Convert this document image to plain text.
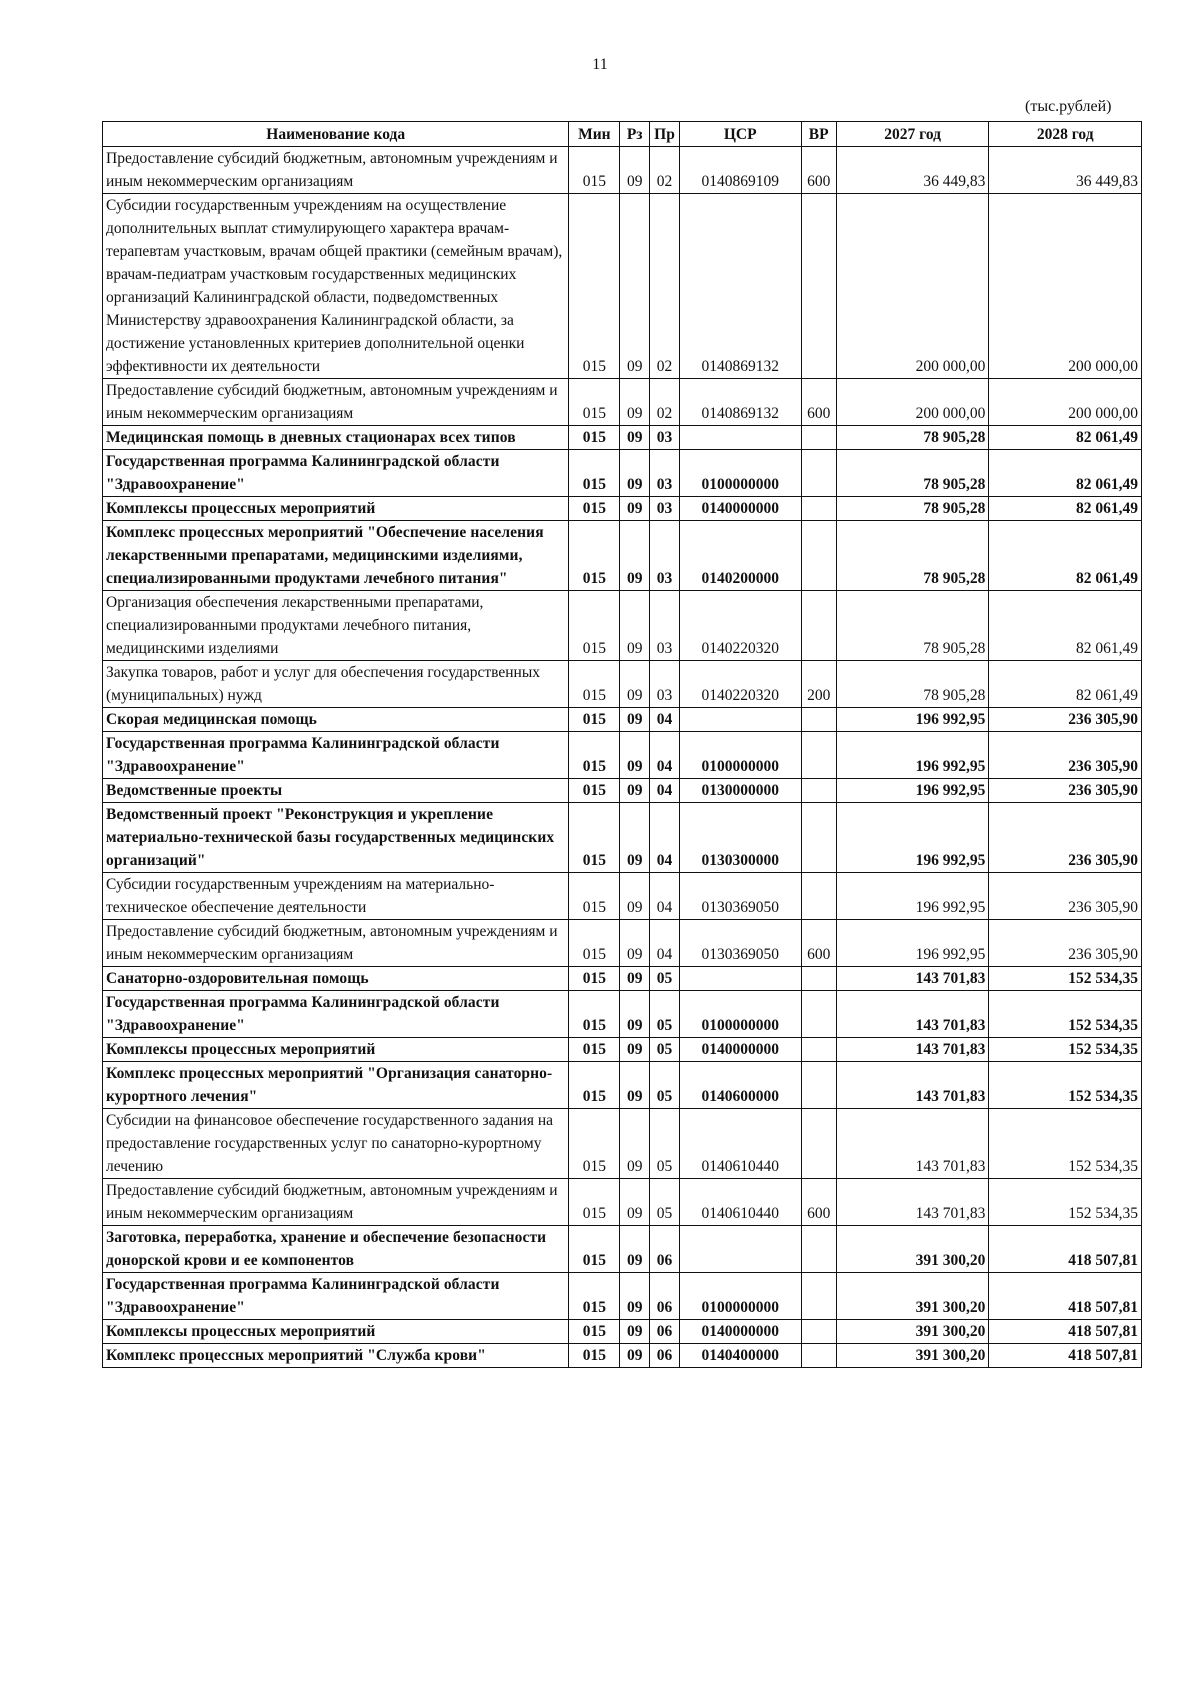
11
(тыс.рублей)
Наименование кода	Мин	Рз	Пр	ЦСР	ВР	2027 год	2028 год
Предоставление субсидий бюджетным, автономным учреждениям и иным некоммерческим организациям	015	09	02	0140869109	600	36 449,83	36 449,83
Субсидии государственным учреждениям на осуществление дополнительных выплат стимулирующего характера врачам-терапевтам участковым, врачам общей практики (семейным врачам), врачам-педиатрам участковым государственных медицинских организаций Калининградской области, подведомственных Министерству здравоохранения Калининградской области, за достижение установленных критериев дополнительной оценки эффективности их деятельности	015	09	02	0140869132		200 000,00	200 000,00
Предоставление субсидий бюджетным, автономным учреждениям и иным некоммерческим организациям	015	09	02	0140869132	600	200 000,00	200 000,00
Медицинская помощь в дневных стационарах всех типов	015	09	03			78 905,28	82 061,49
Государственная программа Калининградской области "Здравоохранение"	015	09	03	0100000000		78 905,28	82 061,49
Комплексы процессных мероприятий	015	09	03	0140000000		78 905,28	82 061,49
Комплекс процессных мероприятий "Обеспечение населения лекарственными препаратами, медицинскими изделиями, специализированными продуктами лечебного питания"	015	09	03	0140200000		78 905,28	82 061,49
Организация обеспечения лекарственными препаратами, специализированными продуктами лечебного питания, медицинскими изделиями	015	09	03	0140220320		78 905,28	82 061,49
Закупка товаров, работ и услуг для обеспечения государственных (муниципальных) нужд	015	09	03	0140220320	200	78 905,28	82 061,49
Скорая медицинская помощь	015	09	04			196 992,95	236 305,90
Государственная программа Калининградской области "Здравоохранение"	015	09	04	0100000000		196 992,95	236 305,90
Ведомственные проекты	015	09	04	0130000000		196 992,95	236 305,90
Ведомственный проект "Реконструкция и укрепление материально-технической базы государственных медицинских организаций"	015	09	04	0130300000		196 992,95	236 305,90
Субсидии государственным учреждениям на материально-техническое обеспечение деятельности	015	09	04	0130369050		196 992,95	236 305,90
Предоставление субсидий бюджетным, автономным учреждениям и иным некоммерческим организациям	015	09	04	0130369050	600	196 992,95	236 305,90
Санаторно-оздоровительная помощь	015	09	05			143 701,83	152 534,35
Государственная программа Калининградской области "Здравоохранение"	015	09	05	0100000000		143 701,83	152 534,35
Комплексы процессных мероприятий	015	09	05	0140000000		143 701,83	152 534,35
Комплекс процессных мероприятий "Организация санаторно-курортного лечения"	015	09	05	0140600000		143 701,83	152 534,35
Субсидии на финансовое обеспечение государственного задания на предоставление государственных услуг по санаторно-курортному лечению	015	09	05	0140610440		143 701,83	152 534,35
Предоставление субсидий бюджетным, автономным учреждениям и иным некоммерческим организациям	015	09	05	0140610440	600	143 701,83	152 534,35
Заготовка, переработка, хранение и обеспечение безопасности донорской крови и ее компонентов	015	09	06			391 300,20	418 507,81
Государственная программа Калининградской области "Здравоохранение"	015	09	06	0100000000		391 300,20	418 507,81
Комплексы процессных мероприятий	015	09	06	0140000000		391 300,20	418 507,81
Комплекс процессных мероприятий "Служба крови"	015	09	06	0140400000		391 300,20	418 507,81
